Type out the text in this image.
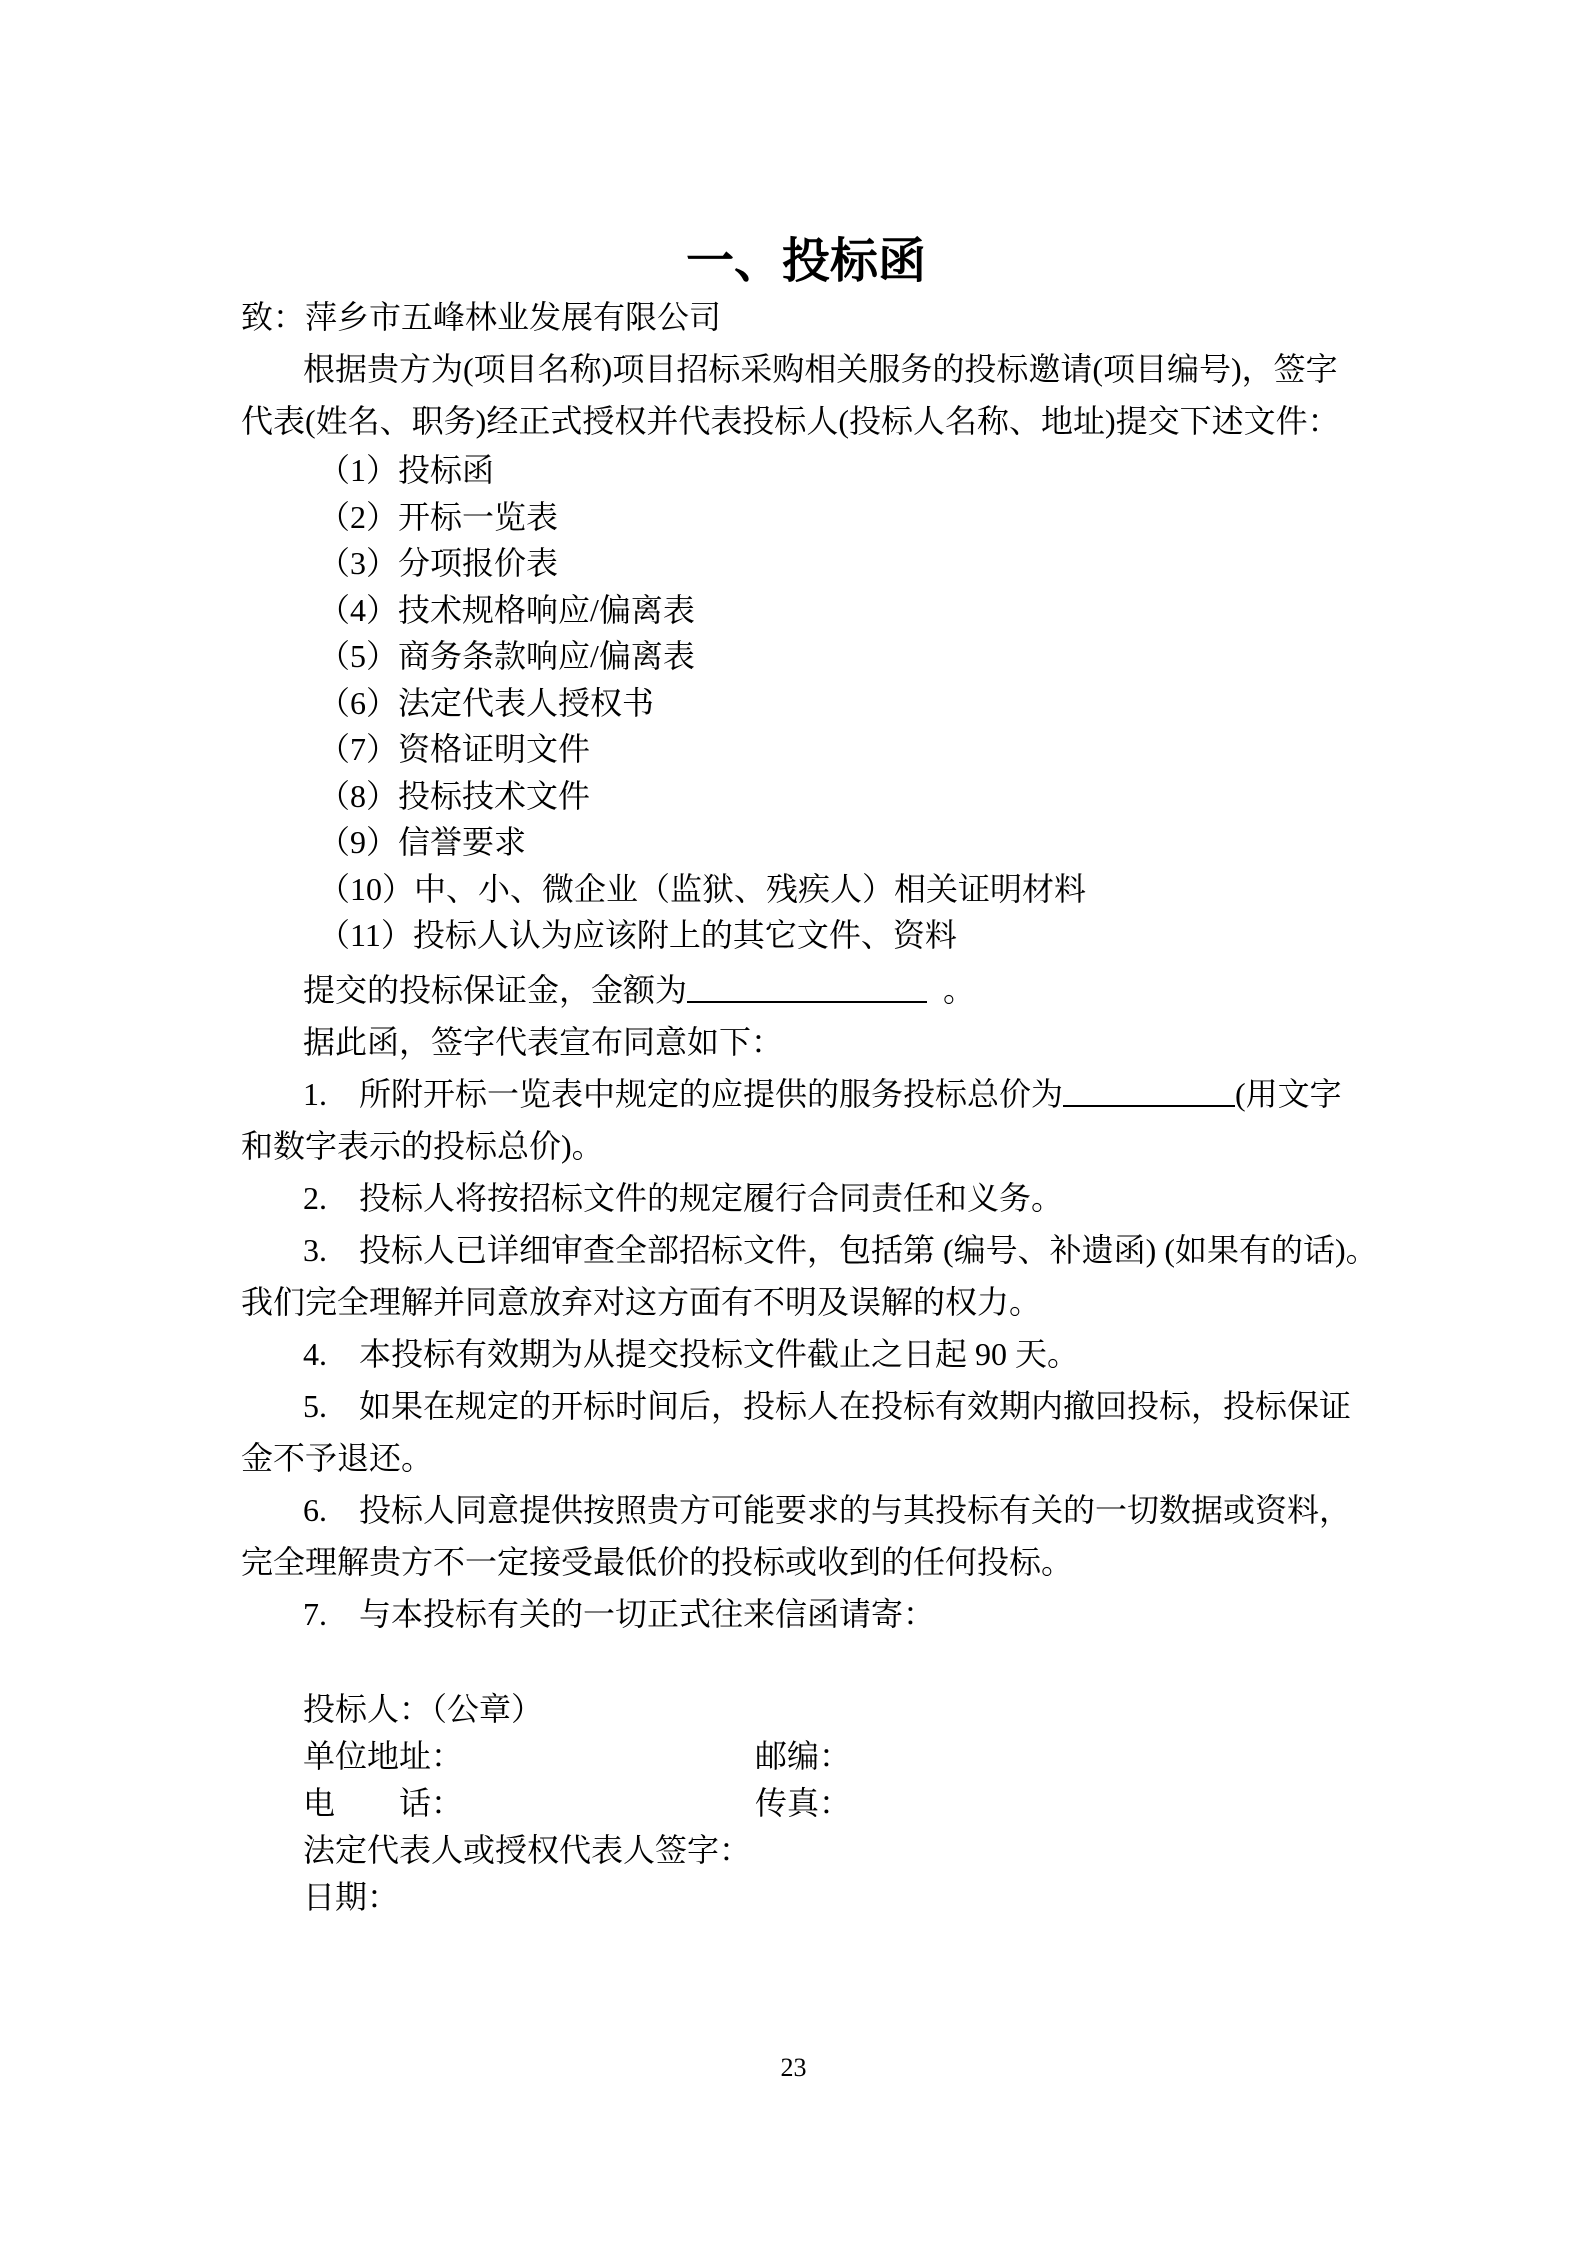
一、投标函
致：萍乡市五峰林业发展有限公司
根据贵方为(项目名称)项目招标采购相关服务的投标邀请(项目编号)，签字
代表(姓名、职务)经正式授权并代表投标人(投标人名称、地址)提交下述文件：
（1）投标函
（2）开标一览表
（3）分项报价表
（4）技术规格响应/偏离表
（5）商务条款响应/偏离表
（6）法定代表人授权书
（7）资格证明文件
（8）投标技术文件
（9）信誉要求
（10）中、小、微企业（监狱、残疾人）相关证明材料
（11）投标人认为应该附上的其它文件、资料
提交的投标保证金，金额为	。
据此函，签字代表宣布同意如下：
1.　所附开标一览表中规定的应提供的服务投标总价为	(用文字
和数字表示的投标总价)。
2.　投标人将按招标文件的规定履行合同责任和义务。
3.　投标人已详细审查全部招标文件，包括第 (编号、补遗函) (如果有的话)。
我们完全理解并同意放弃对这方面有不明及误解的权力。
4.　本投标有效期为从提交投标文件截止之日起 90 天。
5.　如果在规定的开标时间后，投标人在投标有效期内撤回投标，投标保证
金不予退还。
6.　投标人同意提供按照贵方可能要求的与其投标有关的一切数据或资料，
完全理解贵方不一定接受最低价的投标或收到的任何投标。
7.　与本投标有关的一切正式往来信函请寄：
投标人：（公章）
单位地址：	邮编：
电　　话：	传真：
法定代表人或授权代表人签字：
日期：
23
